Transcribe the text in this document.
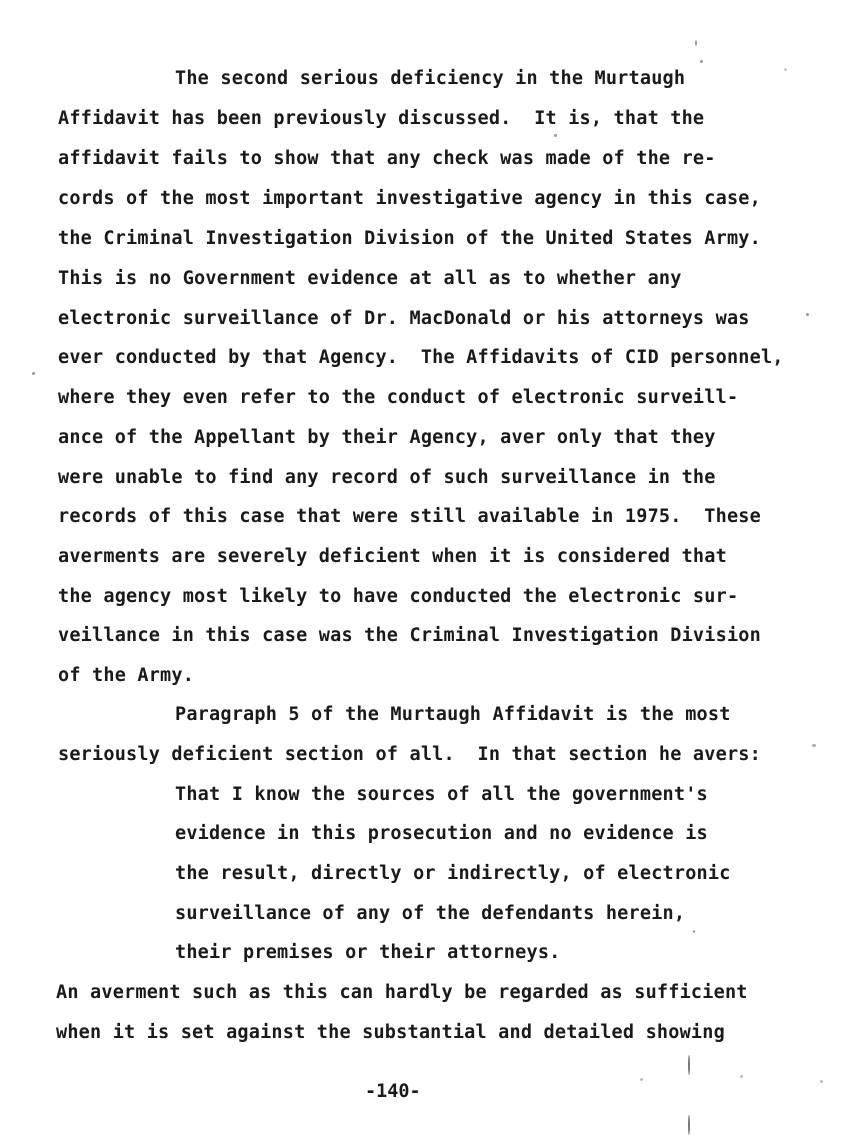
The second serious deficiency in the Murtaugh
Affidavit has been previously discussed.  It is, that the
affidavit fails to show that any check was made of the re-
cords of the most important investigative agency in this case,
the Criminal Investigation Division of the United States Army.
This is no Government evidence at all as to whether any
electronic surveillance of Dr. MacDonald or his attorneys was
ever conducted by that Agency.  The Affidavits of CID personnel,
where they even refer to the conduct of electronic surveill-
ance of the Appellant by their Agency, aver only that they
were unable to find any record of such surveillance in the
records of this case that were still available in 1975.  These
averments are severely deficient when it is considered that
the agency most likely to have conducted the electronic sur-
veillance in this case was the Criminal Investigation Division
of the Army.
Paragraph 5 of the Murtaugh Affidavit is the most
seriously deficient section of all.  In that section he avers:
That I know the sources of all the government's
evidence in this prosecution and no evidence is
the result, directly or indirectly, of electronic
surveillance of any of the defendants herein,
their premises or their attorneys.
An averment such as this can hardly be regarded as sufficient
when it is set against the substantial and detailed showing
-140-
